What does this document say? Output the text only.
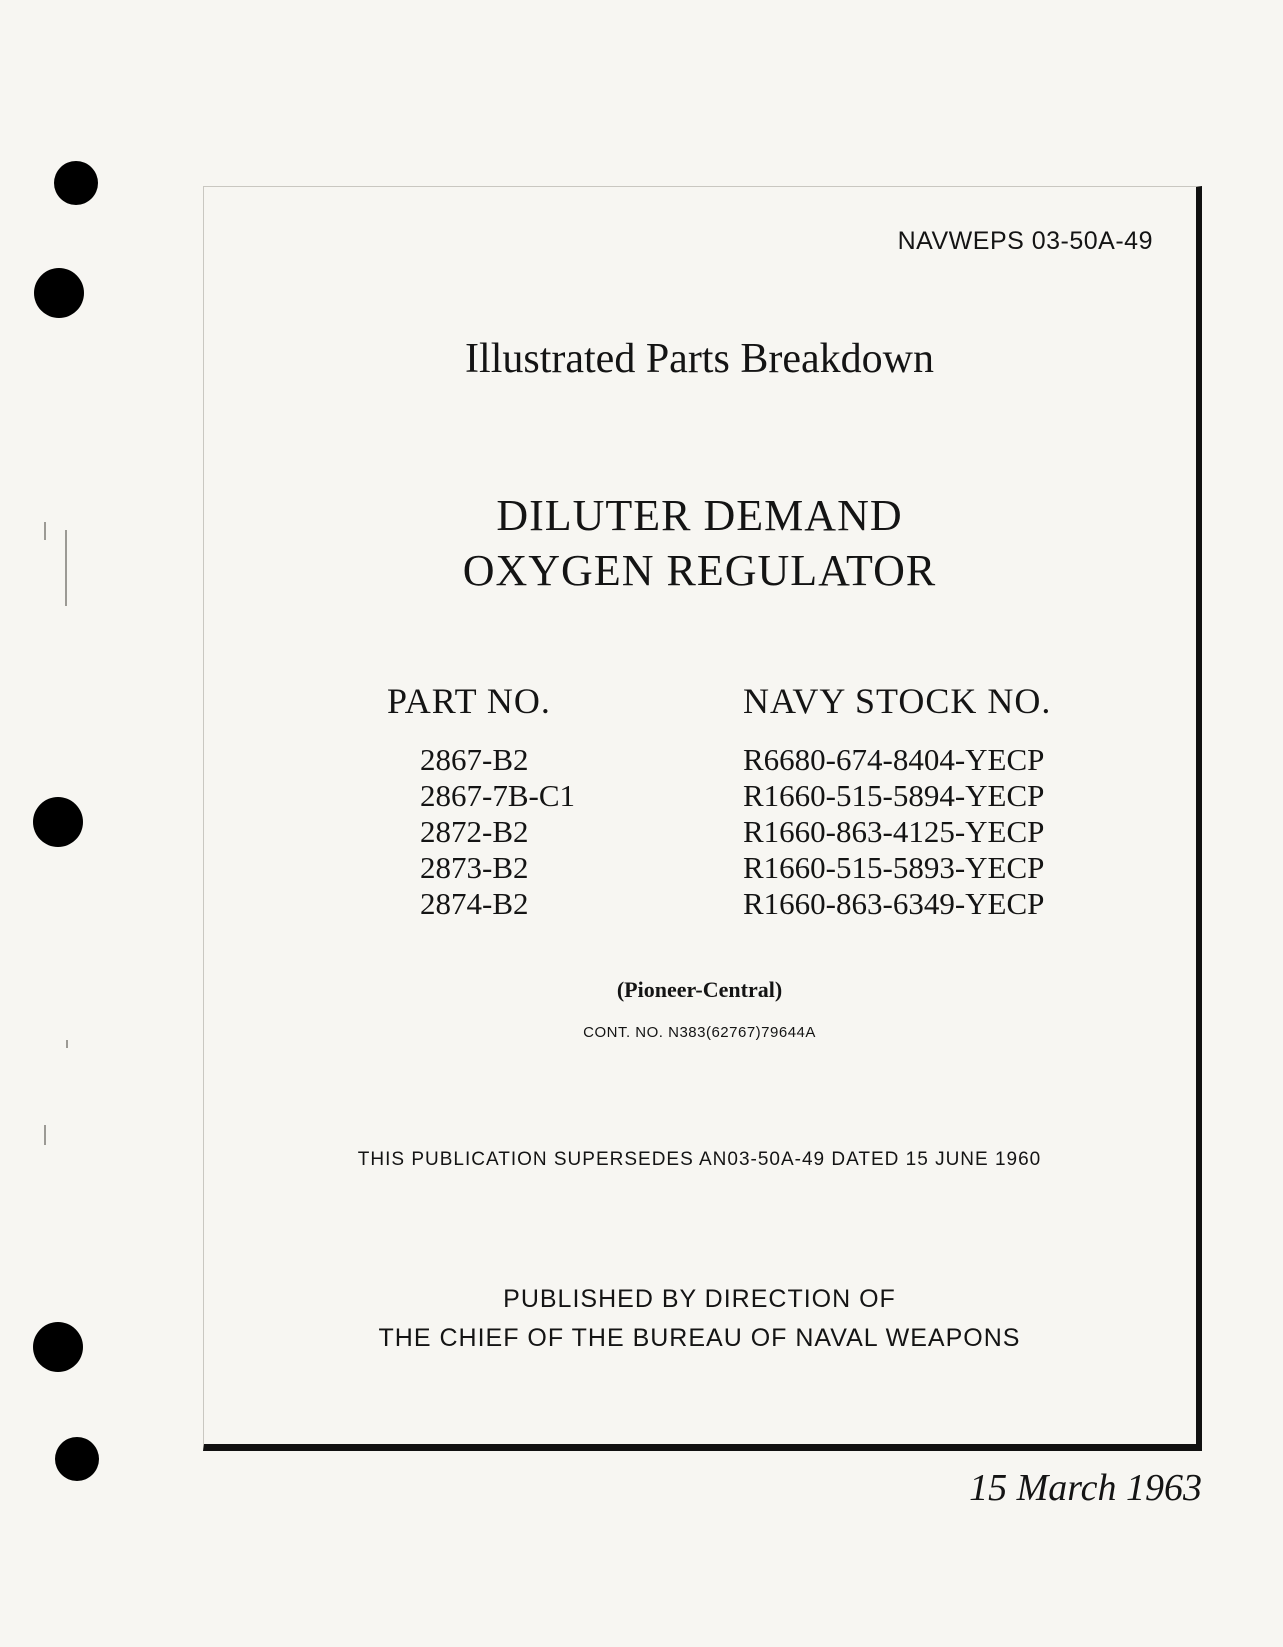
NAVWEPS 03-50A-49
Illustrated Parts Breakdown
DILUTER DEMAND
OXYGEN REGULATOR
PART NO.	NAVY STOCK NO.
2867-B2
2867-7B-C1
2872-B2
2873-B2
2874-B2
R6680-674-8404-YECP
R1660-515-5894-YECP
R1660-863-4125-YECP
R1660-515-5893-YECP
R1660-863-6349-YECP
(Pioneer-Central)
CONT. NO. N383(62767)79644A
THIS PUBLICATION SUPERSEDES AN03-50A-49 DATED 15 JUNE 1960
PUBLISHED BY DIRECTION OF
THE CHIEF OF THE BUREAU OF NAVAL WEAPONS
15 March 1963
